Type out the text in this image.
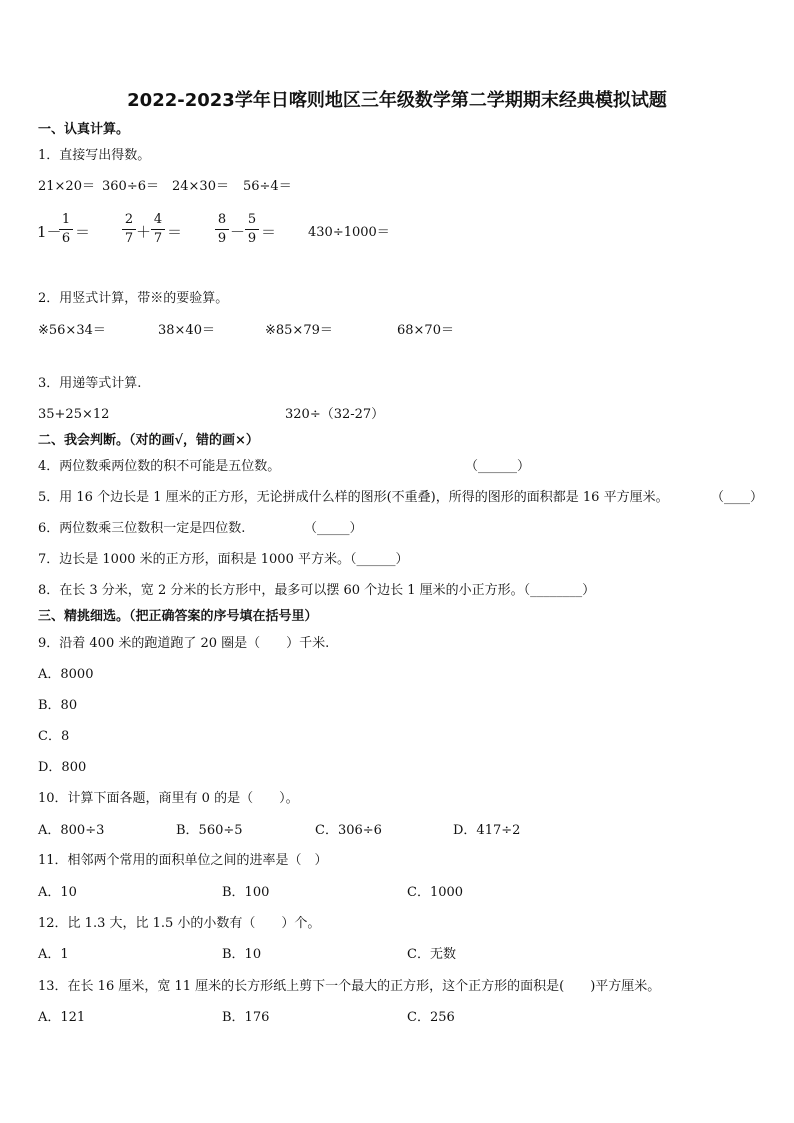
2022-2023学年日喀则地区三年级数学第二学期期末经典模拟试题
一、认真计算。
1．直接写出得数。
21×20＝ 360÷6＝ 24×30＝ 56÷4＝
1－
1
6 ＝
2
7 ＋
4
7 ＝
8
9 －
5
9 ＝ 430÷1000＝
2．用竖式计算，带※的要验算。
※56×34＝	38×40＝	※85×79＝	68×70＝
3．用递等式计算.
35+25×12	320÷（32-27）
二、我会判断。（对的画√，错的画×）
4．两位数乘两位数的积不可能是五位数。	（______）
5．用 16 个边长是 1 厘米的正方形，无论拼成什么样的图形(不重叠)，所得的图形的面积都是 16 平方厘米。	（____）
6．两位数乘三位数积一定是四位数.	（_____）
7．边长是 1000 米的正方形，面积是 1000 平方米。（______）
8．在长 3 分米，宽 2 分米的长方形中，最多可以摆 60 个边长 1 厘米的小正方形。（________）
三、精挑细选。（把正确答案的序号填在括号里）
9．沿着 400 米的跑道跑了 20 圈是（　　）千米.
A．8000
B．80
C．8
D．800
10．计算下面各题，商里有 0 的是（　　）。
A．800÷3	B．560÷5	C．306÷6	D．417÷2
11．相邻两个常用的面积单位之间的进率是（　）
A．10	B．100	C．1000
12．比 1.3 大，比 1.5 小的小数有（　　）个。
A．1	B．10	C．无数
13．在长 16 厘米，宽 11 厘米的长方形纸上剪下一个最大的正方形，这个正方形的面积是(　　)平方厘米。
A．121	B．176	C．256
